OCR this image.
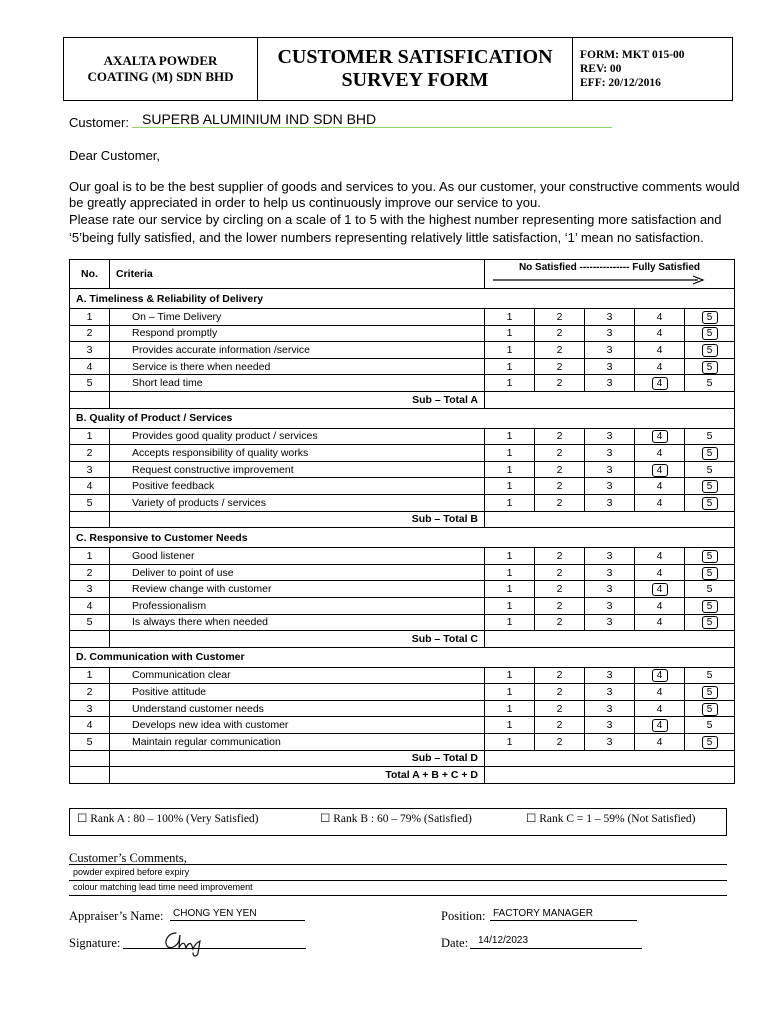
AXALTA POWDER
COATING (M) SDN BHD
CUSTOMER SATISFICATION
SURVEY FORM
FORM: MKT 015-00
REV: 00
EFF: 20/12/2016
Customer: SUPERB ALUMINIUM IND SDN BHD
Dear Customer,
Our goal is to be the best supplier of goods and services to you. As our customer, your constructive comments would
be greatly appreciated in order to help us continuously improve our service to you.
Please rate our service by circling on a scale of 1 to 5 with the highest number representing more satisfaction and
‘5’being fully satisfied, and the lower numbers representing relatively little satisfaction, ‘1’ mean no satisfaction.
No.	Criteria	No Satisfied --------------- Fully Satisfied				

A. Timeliness & Reliability of Delivery						
1	On – Time Delivery	1	2	3	4	5
2	Respond promptly	1	2	3	4	5
3	Provides accurate information /service	1	2	3	4	5
4	Service is there when needed	1	2	3	4	5
5	Short lead time	1	2	3	4	5
	Sub – Total A					
B. Quality of Product / Services						
1	Provides good quality product / services	1	2	3	4	5
2	Accepts responsibility of quality works	1	2	3	4	5
3	Request constructive improvement	1	2	3	4	5
4	Positive feedback	1	2	3	4	5
5	Variety of products / services	1	2	3	4	5
	Sub – Total B					
C. Responsive to Customer Needs						
1	Good listener	1	2	3	4	5
2	Deliver to point of use	1	2	3	4	5
3	Review change with customer	1	2	3	4	5
4	Professionalism	1	2	3	4	5
5	Is always there when needed	1	2	3	4	5
	Sub – Total C					
D. Communication with Customer						
1	Communication clear	1	2	3	4	5
2	Positive attitude	1	2	3	4	5
3	Understand customer needs	1	2	3	4	5
4	Develops new idea with customer	1	2	3	4	5
5	Maintain regular communication	1	2	3	4	5
	Sub – Total D					
	Total A + B + C + D					
☐ Rank A : 80 – 100% (Very Satisfied)	☐ Rank B : 60 – 79% (Satisfied)	☐ Rank C = 1 – 59% (Not Satisfied)
Customer’s Comments,
powder expired before expiry
colour matching lead time need improvement
Appraiser’s Name: CHONG YEN YEN	Position: FACTORY MANAGER
Signature:	Date: 14/12/2023
